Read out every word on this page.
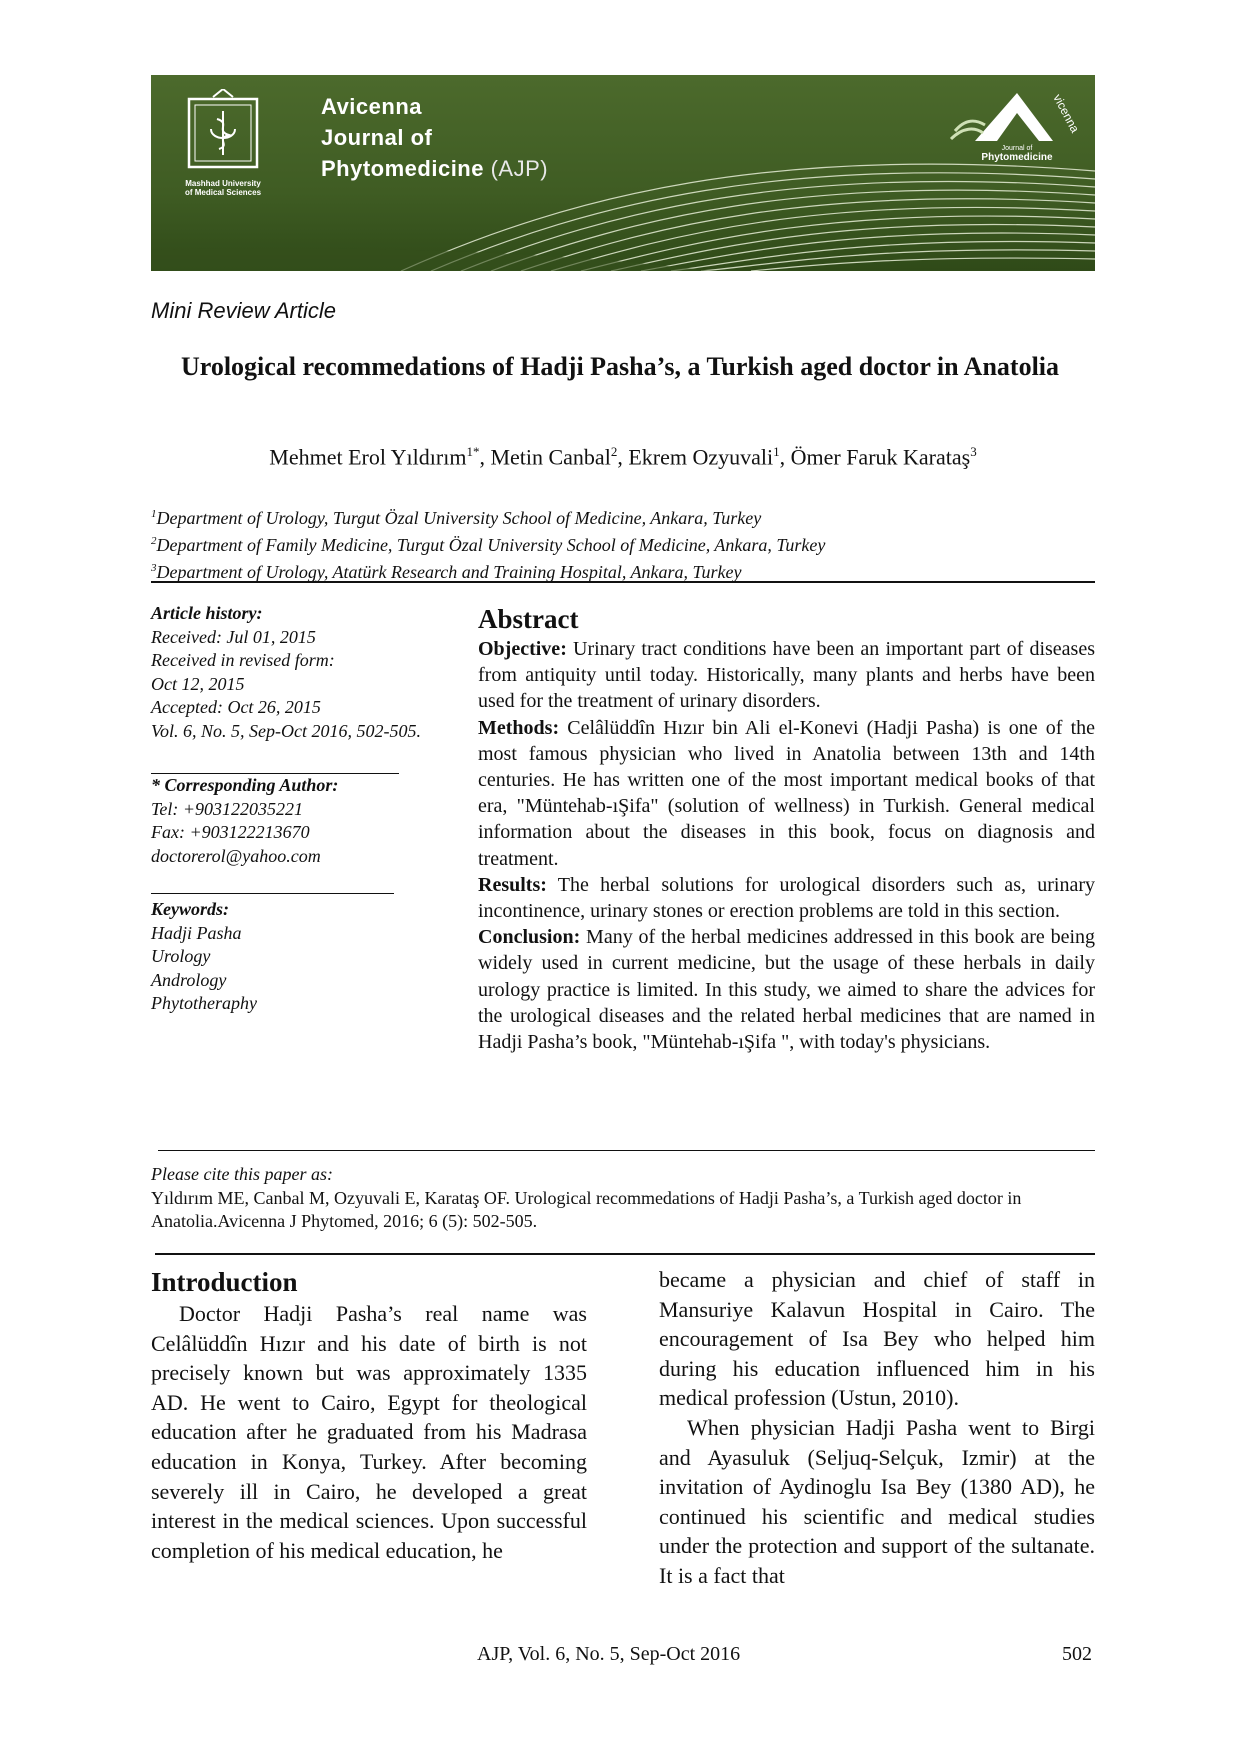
Mashhad University
of Medical Sciences
Avicenna
Journal of
Phytomedicine (AJP)
vicenna
Journal of
Phytomedicine
Mini Review Article
Urological recommedations of Hadji Pasha’s, a Turkish aged doctor in Anatolia
Mehmet Erol Yıldırım$^{1*}$, Metin Canbal$^2$, Ekrem Ozyuvali$^1$, Ömer Faruk Karataş$^3$
$^1$Department of Urology, Turgut Özal University School of Medicine, Ankara, Turkey
$^2$Department of Family Medicine, Turgut Özal University School of Medicine, Ankara, Turkey
$^3$Department of Urology, Atatürk Research and Training Hospital, Ankara, Turkey
Article history:
Received: Jul 01, 2015
Received in revised form:
Oct 12, 2015
Accepted: Oct 26, 2015
Vol. 6, No. 5, Sep-Oct 2016, 502-505.
* Corresponding Author:
Tel: +903122035221
Fax: +903122213670
doctorerol@yahoo.com
Keywords:
Hadji Pasha
Urology
Andrology
Phytotheraphy
Abstract

Objective: Urinary tract conditions have been an important part of diseases from antiquity until today. Historically, many plants and herbs have been used for the treatment of urinary disorders.

Methods: Celâlüddîn Hızır bin Ali el-Konevi (Hadji Pasha) is one of the most famous physician who lived in Anatolia between 13th and 14th centuries. He has written one of the most important medical books of that era, "Müntehab-ıŞifa" (solution of wellness) in Turkish. General medical information about the diseases in this book, focus on diagnosis and treatment.

Results: The herbal solutions for urological disorders such as, urinary incontinence, urinary stones or erection problems are told in this section.

Conclusion: Many of the herbal medicines addressed in this book are being widely used in current medicine, but the usage of these herbals in daily urology practice is limited. In this study, we aimed to share the advices for the urological diseases and the related herbal medicines that are named in Hadji Pasha’s book, "Müntehab-ıŞifa ", with today's physicians.

Please cite this paper as:
Yıldırım ME, Canbal M, Ozyuvali E, Karataş OF. Urological recommedations of Hadji Pasha’s, a Turkish aged doctor in Anatolia.Avicenna J Phytomed, 2016; 6 (5): 502-505.
Introduction

Doctor Hadji Pasha’s real name was Celâlüddîn Hızır and his date of birth is not precisely known but was approximately 1335 AD. He went to Cairo, Egypt for theological education after he graduated from his Madrasa education in Konya, Turkey. After becoming severely ill in Cairo, he developed a great interest in the medical sciences. Upon successful completion of his medical education, he

became a physician and chief of staff in Mansuriye Kalavun Hospital in Cairo. The encouragement of Isa Bey who helped him during his education influenced him in his medical profession (Ustun, 2010).

When physician Hadji Pasha went to Birgi and Ayasuluk (Seljuq-Selçuk, Izmir) at the invitation of Aydinoglu Isa Bey (1380 AD), he continued his scientific and medical studies under the protection and support of the sultanate. It is a fact that

AJP, Vol. 6, No. 5, Sep-Oct 2016	502
